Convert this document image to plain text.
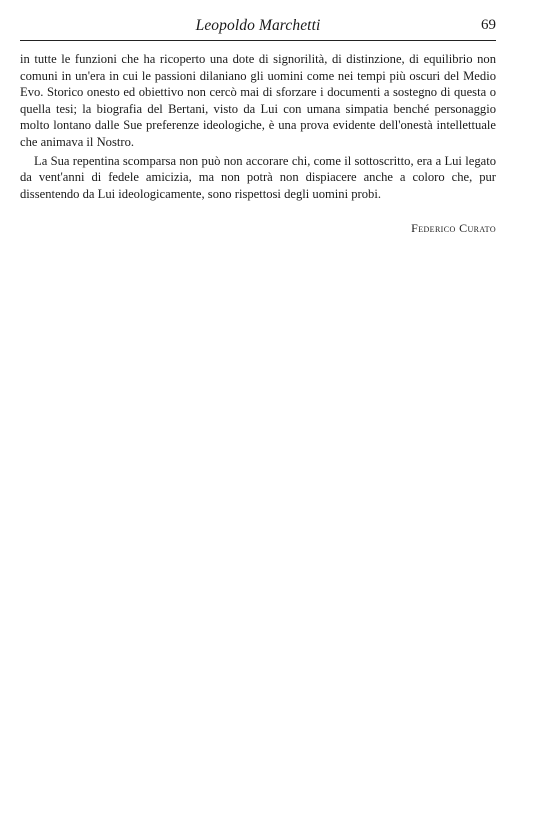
Leopoldo Marchetti	69

in tutte le funzioni che ha ricoperto una dote di signorilità, di distinzione, di equilibrio non comuni in un'era in cui le passioni dilaniano gli uomini come nei tempi più oscuri del Medio Evo. Storico onesto ed obiettivo non cercò mai di sforzare i documenti a sostegno di questa o quella tesi; la biografia del Bertani, visto da Lui con umana simpatia benché personaggio molto lontano dalle Sue preferenze ideologiche, è una prova evidente dell'onestà intellettuale che animava il Nostro.

La Sua repentina scomparsa non può non accorare chi, come il sottoscritto, era a Lui legato da vent'anni di fedele amicizia, ma non potrà non dispiacere anche a coloro che, pur dissentendo da Lui ideologicamente, sono rispettosi degli uomini probi.

Federico Curato
